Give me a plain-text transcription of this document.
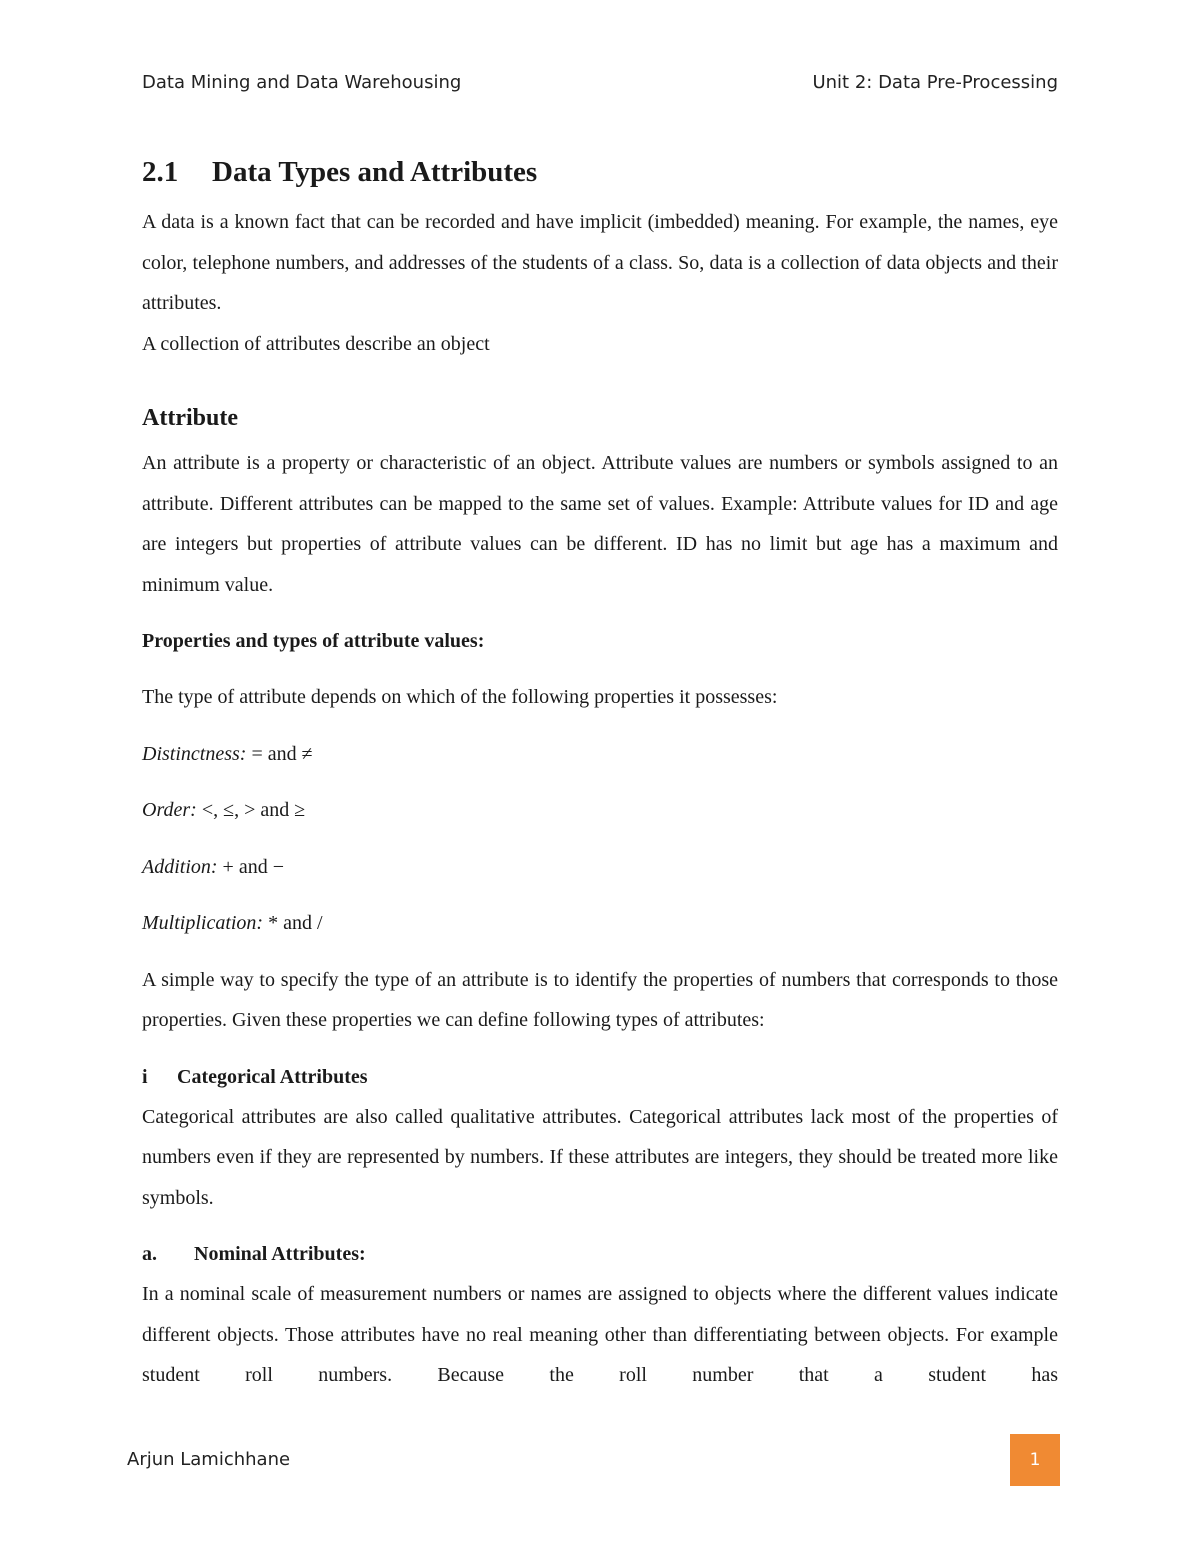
Data Mining and Data Warehousing	Unit 2: Data Pre-Processing
2.1 Data Types and Attributes

A data is a known fact that can be recorded and have implicit (imbedded) meaning. For example, the names, eye color, telephone numbers, and addresses of the students of a class. So, data is a collection of data objects and their attributes.

A collection of attributes describe an object

Attribute

An attribute is a property or characteristic of an object. Attribute values are numbers or symbols assigned to an attribute. Different attributes can be mapped to the same set of values. Example: Attribute values for ID and age are integers but properties of attribute values can be different. ID has no limit but age has a maximum and minimum value.

Properties and types of attribute values:

The type of attribute depends on which of the following properties it possesses:

Distinctness: = and ≠

Order: <, ≤, > and ≥

Addition: + and −

Multiplication: * and /

A simple way to specify the type of an attribute is to identify the properties of numbers that corresponds to those properties. Given these properties we can define following types of attributes:

i Categorical Attributes

Categorical attributes are also called qualitative attributes. Categorical attributes lack most of the properties of numbers even if they are represented by numbers. If these attributes are integers, they should be treated more like symbols.

a. Nominal Attributes:

In a nominal scale of measurement numbers or names are assigned to objects where the different values indicate different objects. Those attributes have no real meaning other than differentiating between objects. For example student roll numbers. Because the roll number that a student has

Arjun Lamichhane	1
